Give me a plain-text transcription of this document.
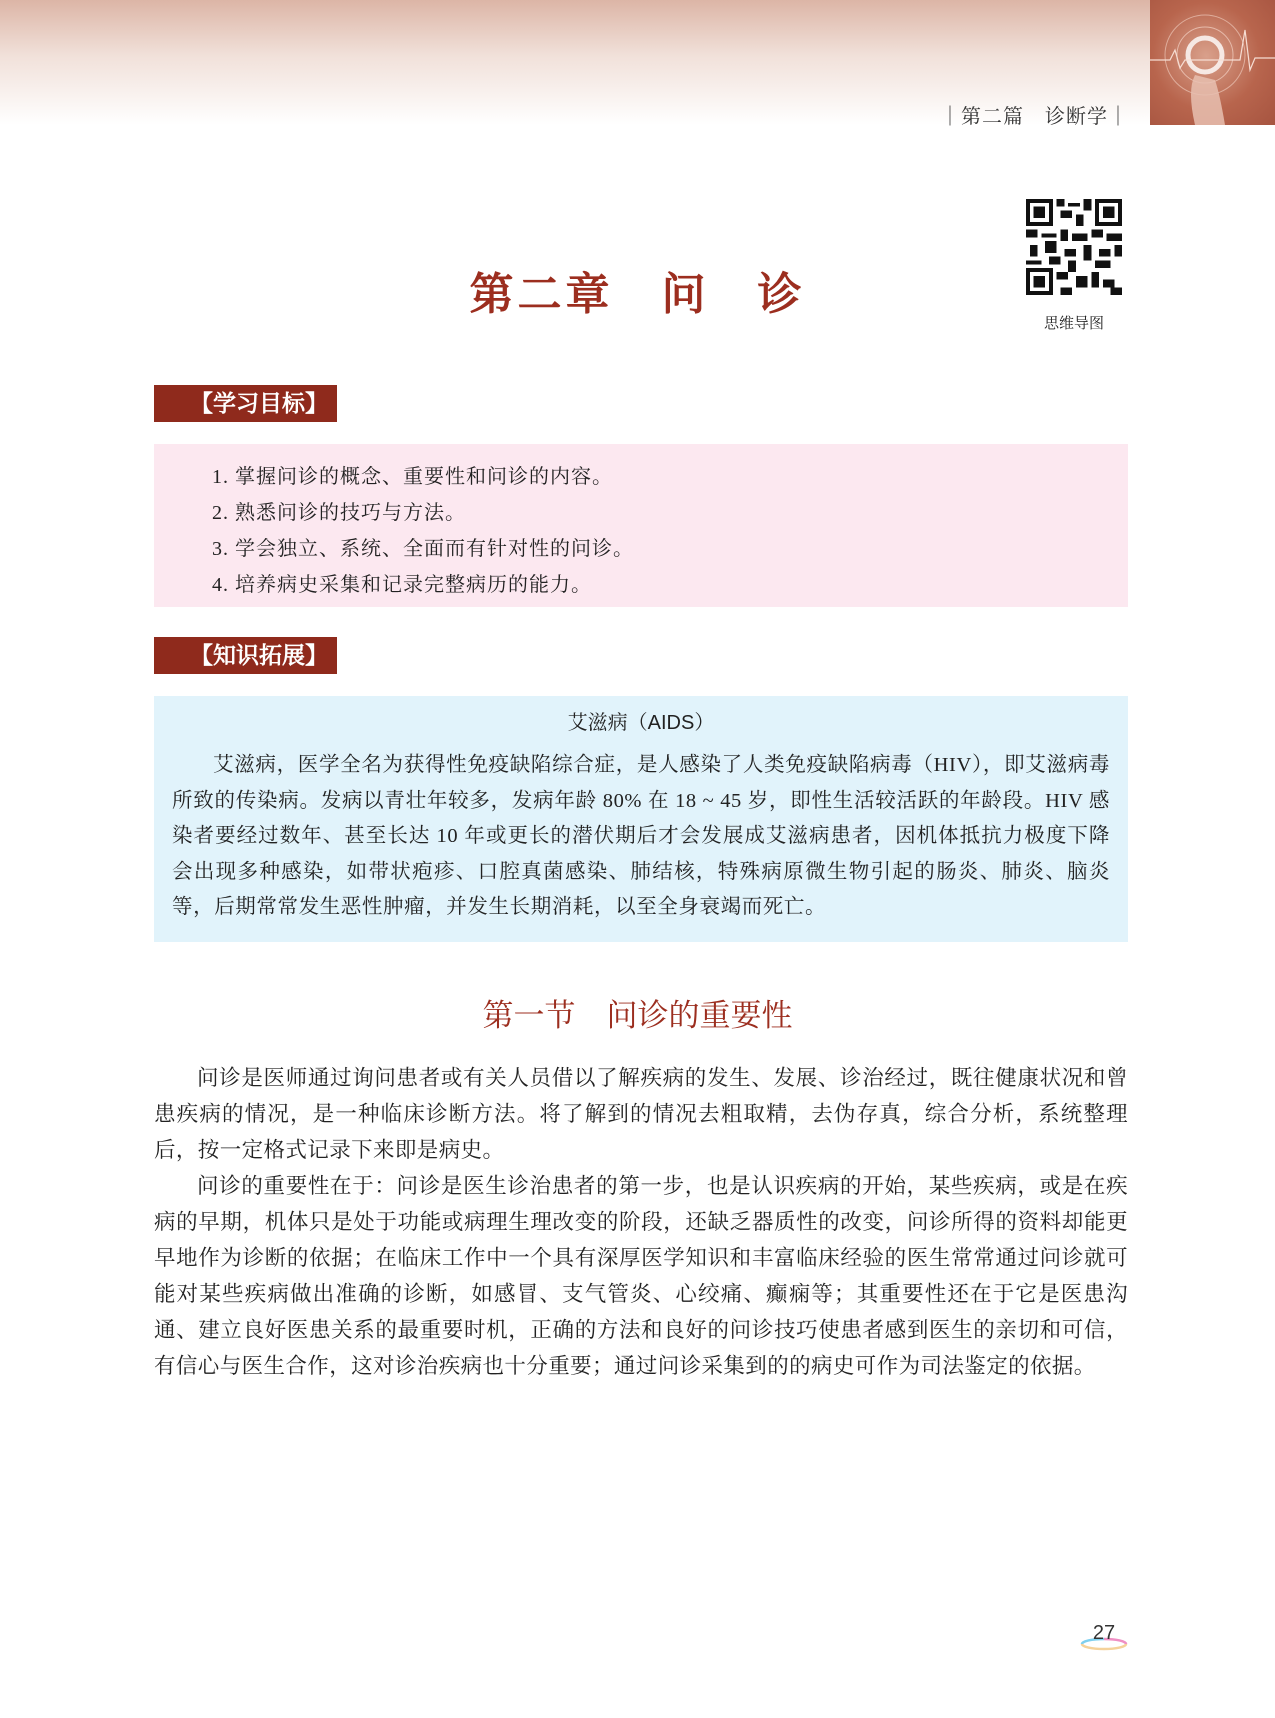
｜第二篇　诊断学｜
思维导图
第二章　问　诊
【学习目标】
1. 掌握问诊的概念、重要性和问诊的内容。
2. 熟悉问诊的技巧与方法。
3. 学会独立、系统、全面而有针对性的问诊。
4. 培养病史采集和记录完整病历的能力。
【知识拓展】
艾滋病（AIDS）

艾滋病，医学全名为获得性免疫缺陷综合症，是人感染了人类免疫缺陷病毒（HIV），即艾滋病毒所致的传染病。发病以青壮年较多，发病年龄 80% 在 18 ~ 45 岁，即性生活较活跃的年龄段。HIV 感染者要经过数年、甚至长达 10 年或更长的潜伏期后才会发展成艾滋病患者，因机体抵抗力极度下降会出现多种感染，如带状疱疹、口腔真菌感染、肺结核，特殊病原微生物引起的肠炎、肺炎、脑炎等，后期常常发生恶性肿瘤，并发生长期消耗，以至全身衰竭而死亡。

第一节　问诊的重要性

问诊是医师通过询问患者或有关人员借以了解疾病的发生、发展、诊治经过，既往健康状况和曾患疾病的情况，是一种临床诊断方法。将了解到的情况去粗取精，去伪存真，综合分析，系统整理后，按一定格式记录下来即是病史。

问诊的重要性在于：问诊是医生诊治患者的第一步，也是认识疾病的开始，某些疾病，或是在疾病的早期，机体只是处于功能或病理生理改变的阶段，还缺乏器质性的改变，问诊所得的资料却能更早地作为诊断的依据；在临床工作中一个具有深厚医学知识和丰富临床经验的医生常常通过问诊就可能对某些疾病做出准确的诊断，如感冒、支气管炎、心绞痛、癫痫等；其重要性还在于它是医患沟通、建立良好医患关系的最重要时机，正确的方法和良好的问诊技巧使患者感到医生的亲切和可信，有信心与医生合作，这对诊治疾病也十分重要；通过问诊采集到的的病史可作为司法鉴定的依据。

27
